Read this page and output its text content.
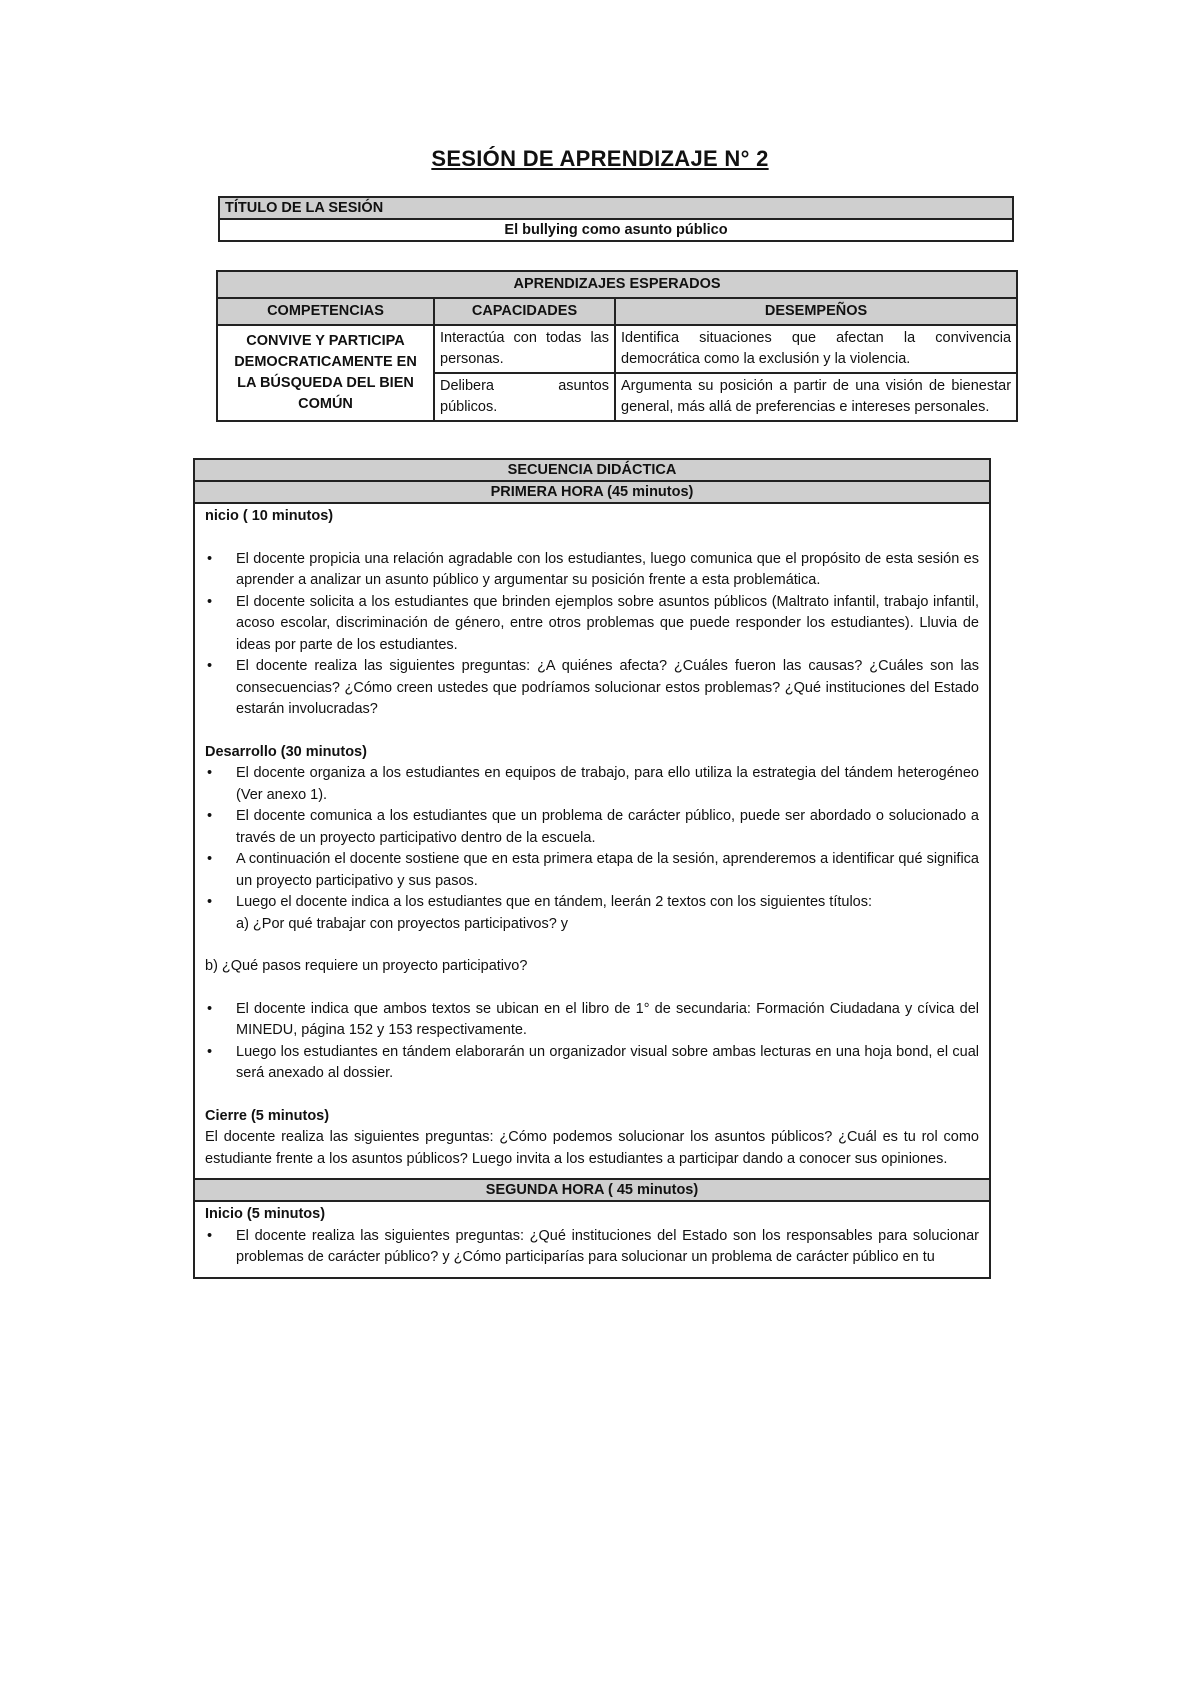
SESIÓN DE APRENDIZAJE N° 2
TÍTULO DE LA SESIÓN
El bullying como asunto público
APRENDIZAJES ESPERADOS		
COMPETENCIAS	CAPACIDADES	DESEMPEÑOS
CONVIVE Y PARTICIPA DEMOCRATICAMENTE EN LA BÚSQUEDA DEL BIEN COMÚN	Interactúa con todas las personas.	Identifica situaciones que afectan la convivencia democrática como la exclusión y la violencia.
	Delibera asuntos públicos.	Argumenta su posición a partir de una visión de bienestar general, más allá de preferencias e intereses personales.
SECUENCIA DIDÁCTICA
PRIMERA HORA (45 minutos)

nicio ( 10 minutos)

• El docente propicia una relación agradable con los estudiantes, luego comunica que el propósito de esta sesión es aprender a analizar un asunto público y argumentar su posición frente a esta problemática.
• El docente solicita a los estudiantes que brinden ejemplos sobre asuntos públicos (Maltrato infantil, trabajo infantil, acoso escolar, discriminación de género, entre otros problemas que puede responder los estudiantes). Lluvia de ideas por parte de los estudiantes.
• El docente realiza las siguientes preguntas: ¿A quiénes afecta? ¿Cuáles fueron las causas? ¿Cuáles son las consecuencias? ¿Cómo creen ustedes que podríamos solucionar estos problemas? ¿Qué instituciones del Estado estarán involucradas?

Desarrollo (30 minutos)

• El docente organiza a los estudiantes en equipos de trabajo, para ello utiliza la estrategia del tándem heterogéneo (Ver anexo 1).
• El docente comunica a los estudiantes que un problema de carácter público, puede ser abordado o solucionado a través de un proyecto participativo dentro de la escuela.
• A continuación el docente sostiene que en esta primera etapa de la sesión, aprenderemos a identificar qué significa un proyecto participativo y sus pasos.
• Luego el docente indica a los estudiantes que en tándem, leerán 2 textos con los siguientes títulos:
a) ¿Por qué trabajar con proyectos participativos? y
b) ¿Qué pasos requiere un proyecto participativo?
• El docente indica que ambos textos se ubican en el libro de 1° de secundaria: Formación Ciudadana y cívica del MINEDU, página 152 y 153 respectivamente.
• Luego los estudiantes en tándem elaborarán un organizador visual sobre ambas lecturas en una hoja bond, el cual será anexado al dossier.

Cierre (5 minutos)

El docente realiza las siguientes preguntas: ¿Cómo podemos solucionar los asuntos públicos? ¿Cuál es tu rol como estudiante frente a los asuntos públicos? Luego invita a los estudiantes a participar dando a conocer sus opiniones.

SEGUNDA HORA ( 45 minutos)

Inicio (5 minutos)

• El docente realiza las siguientes preguntas: ¿Qué instituciones del Estado son los responsables para solucionar problemas de carácter público? y ¿Cómo participarías para solucionar un problema de carácter público en tu
